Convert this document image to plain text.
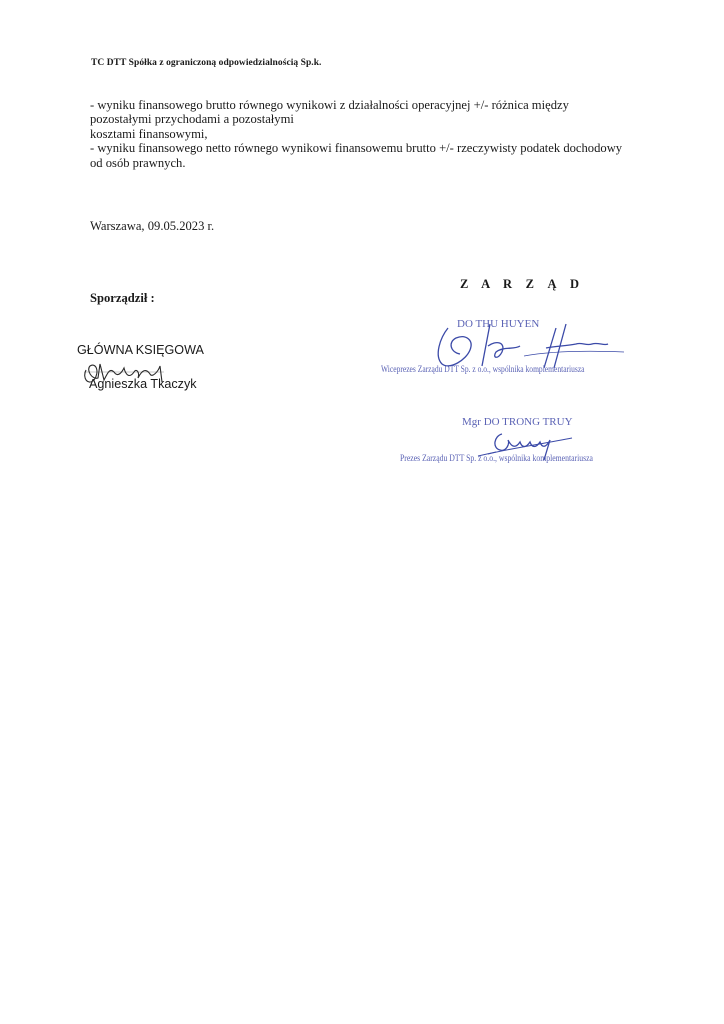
TC DTT Spółka z ograniczoną odpowiedzialnością Sp.k.
- wyniku finansowego brutto równego wynikowi z działalności operacyjnej +/- różnica między
pozostałymi przychodami a pozostałymi
kosztami finansowymi,
- wyniku finansowego netto równego wynikowi finansowemu brutto +/- rzeczywisty podatek dochodowy
od osób prawnych.
Warszawa, 09.05.2023 r.
Z A R Z Ą D
Sporządził :
GŁÓWNA KSIĘGOWA
Agnieszka Tkaczyk
DO THU HUYEN
Wiceprezes Zarządu DTT Sp. z o.o., wspólnika komplementariusza
Mgr DO TRONG TRUY
Prezes Zarządu DTT Sp. z o.o., wspólnika komplementariusza
